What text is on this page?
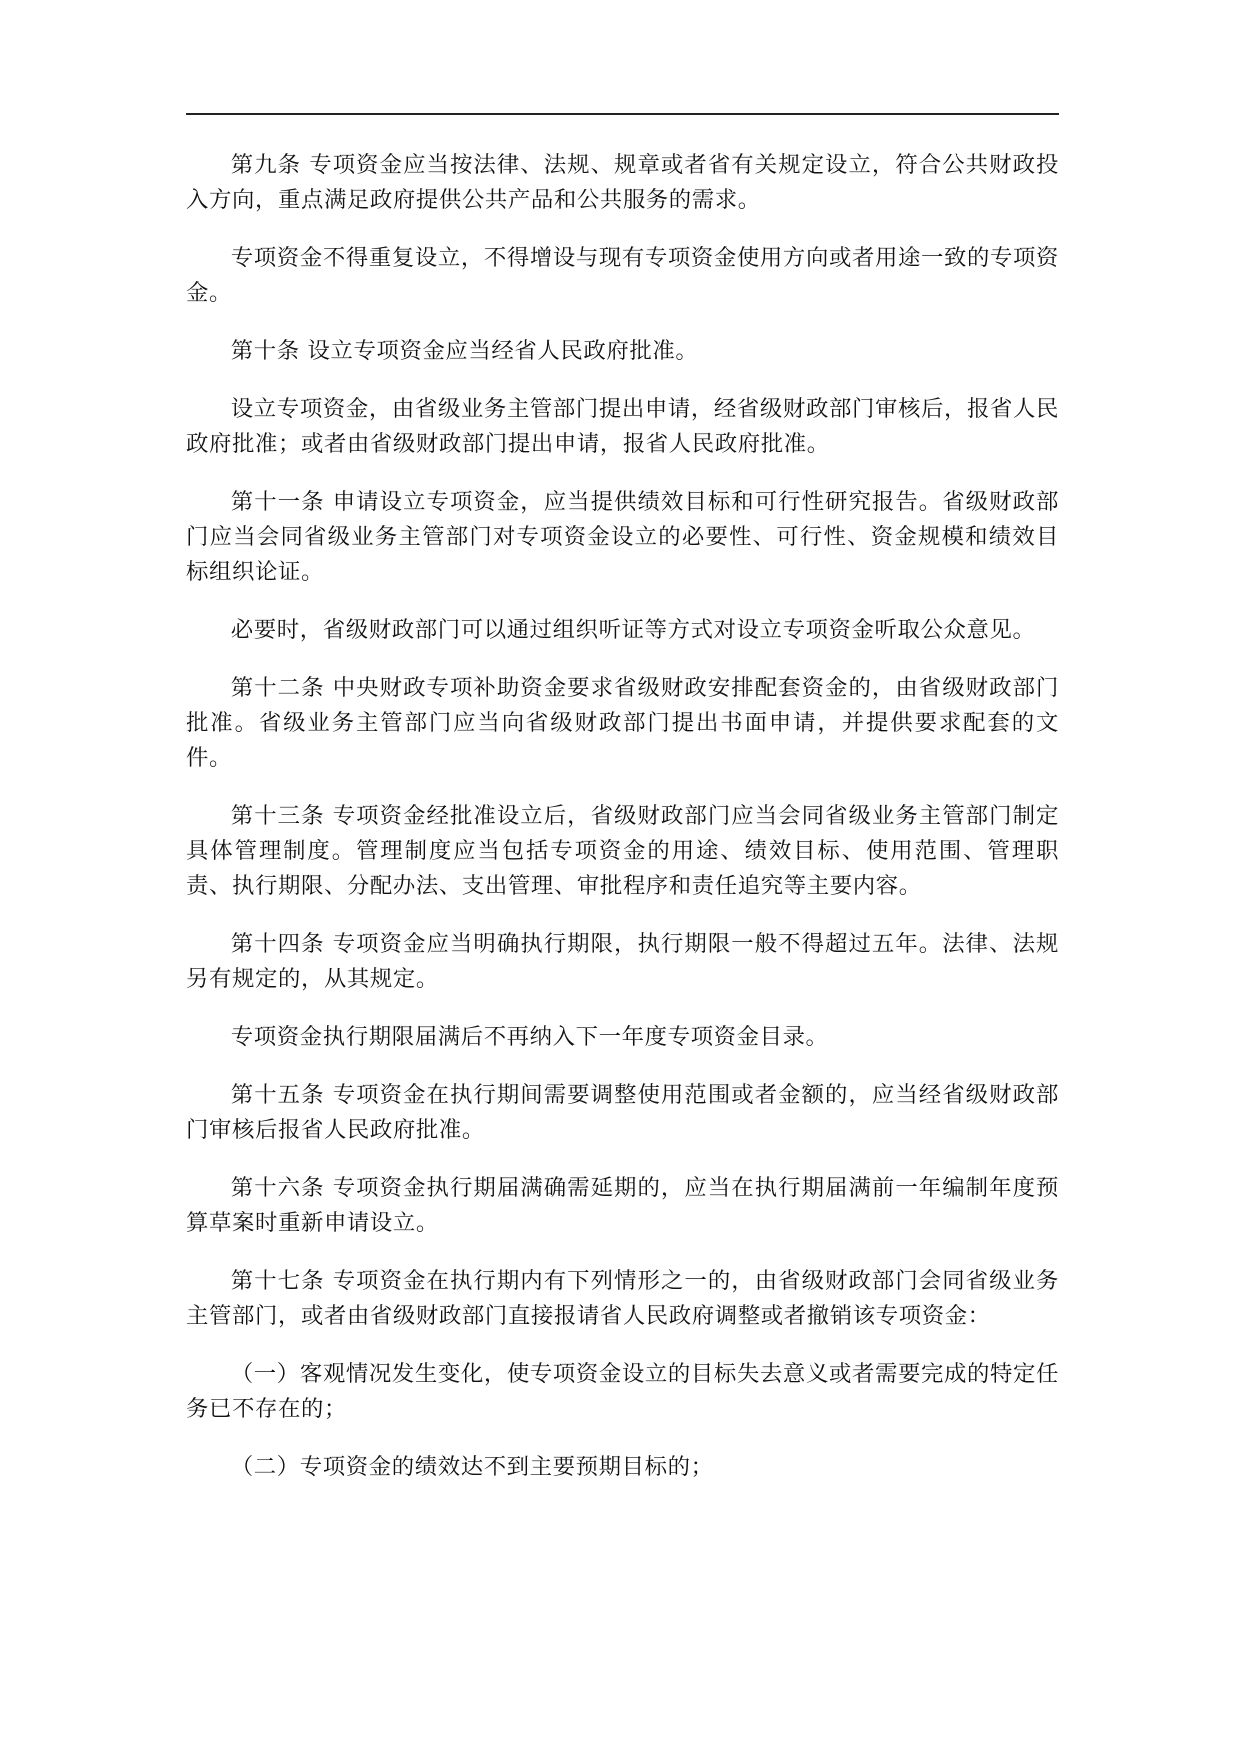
第九条 专项资金应当按法律、法规、规章或者省有关规定设立，符合公共财政投入方向，重点满足政府提供公共产品和公共服务的需求。

专项资金不得重复设立，不得增设与现有专项资金使用方向或者用途一致的专项资金。

第十条 设立专项资金应当经省人民政府批准。

设立专项资金，由省级业务主管部门提出申请，经省级财政部门审核后，报省人民政府批准；或者由省级财政部门提出申请，报省人民政府批准。

第十一条 申请设立专项资金，应当提供绩效目标和可行性研究报告。省级财政部门应当会同省级业务主管部门对专项资金设立的必要性、可行性、资金规模和绩效目标组织论证。

必要时，省级财政部门可以通过组织听证等方式对设立专项资金听取公众意见。

第十二条 中央财政专项补助资金要求省级财政安排配套资金的，由省级财政部门批准。省级业务主管部门应当向省级财政部门提出书面申请，并提供要求配套的文件。

第十三条 专项资金经批准设立后，省级财政部门应当会同省级业务主管部门制定具体管理制度。管理制度应当包括专项资金的用途、绩效目标、使用范围、管理职责、执行期限、分配办法、支出管理、审批程序和责任追究等主要内容。

第十四条 专项资金应当明确执行期限，执行期限一般不得超过五年。法律、法规另有规定的，从其规定。

专项资金执行期限届满后不再纳入下一年度专项资金目录。

第十五条 专项资金在执行期间需要调整使用范围或者金额的，应当经省级财政部门审核后报省人民政府批准。

第十六条 专项资金执行期届满确需延期的，应当在执行期届满前一年编制年度预算草案时重新申请设立。

第十七条 专项资金在执行期内有下列情形之一的，由省级财政部门会同省级业务主管部门，或者由省级财政部门直接报请省人民政府调整或者撤销该专项资金：

（一）客观情况发生变化，使专项资金设立的目标失去意义或者需要完成的特定任务已不存在的；

（二）专项资金的绩效达不到主要预期目标的；
